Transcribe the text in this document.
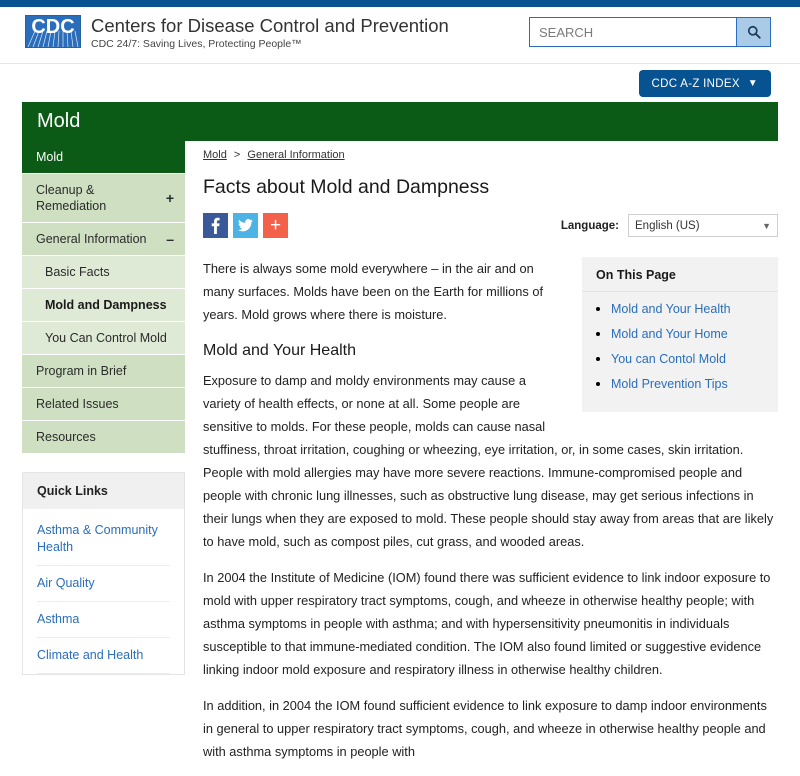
CDC Centers for Disease Control and Prevention
CDC 24/7: Saving Lives, Protecting People™
SEARCH
CDC A-Z INDEX ▼
Mold
Mold
Cleanup & Remediation	+
General Information –
Basic Facts
Mold and Dampness
You Can Control Mold
Program in Brief
Related Issues
Resources
Quick Links
Asthma & Community Health
Air Quality
Asthma
Climate and Health
Mold > General Information
Facts about Mold and Dampness
+	Language: English (US)	▼
On This Page
• Mold and Your Health
• Mold and Your Home
• You can Contol Mold
• Mold Prevention Tips

There is always some mold everywhere – in the air and on many surfaces. Molds have been on the Earth for millions of years. Mold grows where there is moisture.

Mold and Your Health

Exposure to damp and moldy environments may cause a variety of health effects, or none at all. Some people are sensitive to molds. For these people, molds can cause nasal stuffiness, throat irritation, coughing or wheezing, eye irritation, or, in some cases, skin irritation. People with mold allergies may have more severe reactions. Immune-compromised people and people with chronic lung illnesses, such as obstructive lung disease, may get serious infections in their lungs when they are exposed to mold. These people should stay away from areas that are likely to have mold, such as compost piles, cut grass, and wooded areas.

In 2004 the Institute of Medicine (IOM) found there was sufficient evidence to link indoor exposure to mold with upper respiratory tract symptoms, cough, and wheeze in otherwise healthy people; with asthma symptoms in people with asthma; and with hypersensitivity pneumonitis in individuals susceptible to that immune-mediated condition. The IOM also found limited or suggestive evidence linking indoor mold exposure and respiratory illness in otherwise healthy children.

In addition, in 2004 the IOM found sufficient evidence to link exposure to damp indoor environments in general to upper respiratory tract symptoms, cough, and wheeze in otherwise healthy people and with asthma symptoms in people with
